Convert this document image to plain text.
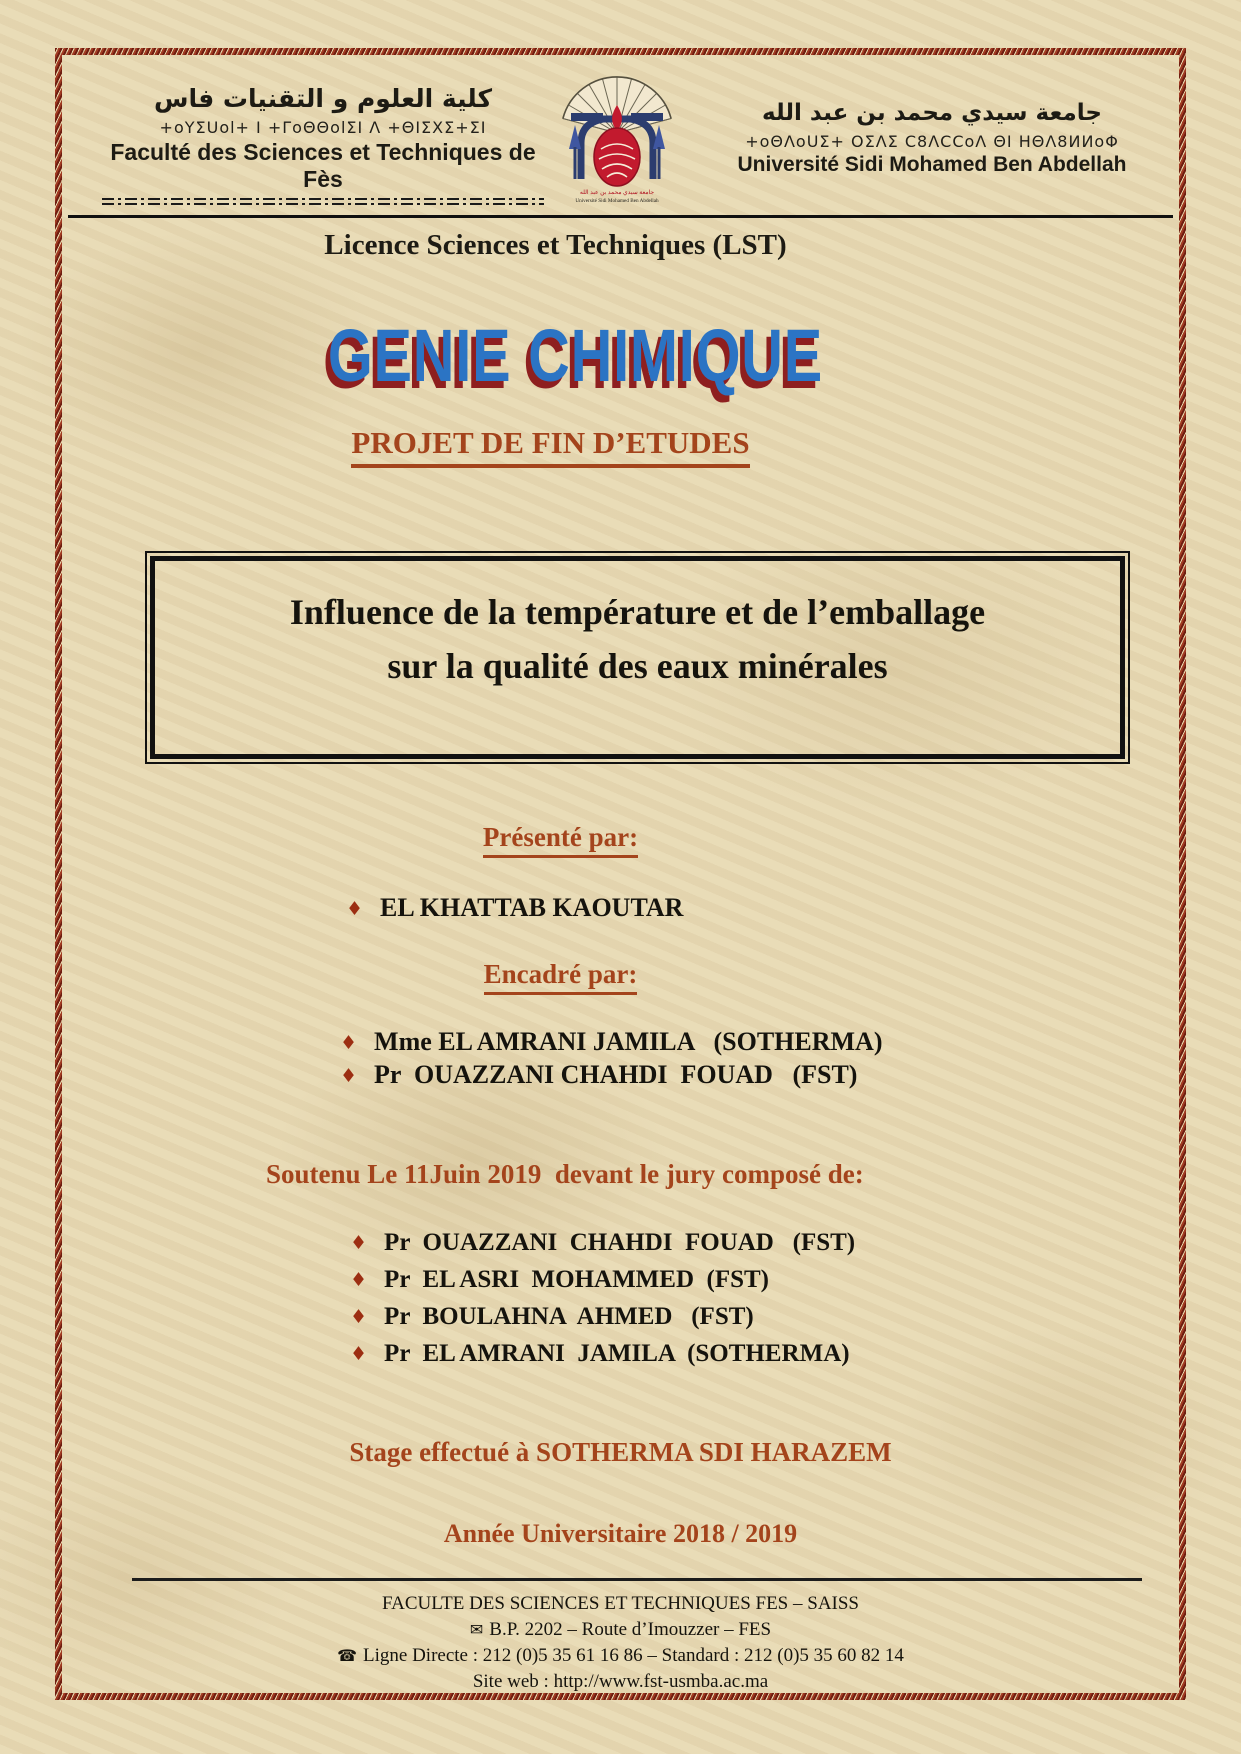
كلية العلوم و التقنيات فاس
+oYΣUol+ I +ΓoΘΘolΣI Λ +ΘIΣXΣ+ΣI
Faculté des Sciences et Techniques de Fès
جامعة سيدي محمد بن عبد الله
Université Sidi Mohamed Ben Abdellah
جامعة سيدي محمد بن عبد الله
+oΘΛoUΣ+ ΟΣΛΣ C8ΛCCoΛ ΘI ΗΘΛ8ИИoΦ
Université Sidi Mohamed Ben Abdellah
Licence Sciences et Techniques (LST)
GENIE CHIMIQUE
PROJET DE FIN D’ETUDES
Influence de la température et de l’emballage
sur la qualité des eaux minérales
Présenté par:
♦ EL KHATTAB KAOUTAR
Encadré par:
♦ Mme EL AMRANI JAMILA   (SOTHERMA)
♦ Pr  OUAZZANI CHAHDI  FOUAD   (FST)
Soutenu Le 11Juin 2019  devant le jury composé de:
♦ Pr  OUAZZANI  CHAHDI  FOUAD   (FST)
♦ Pr  EL ASRI  MOHAMMED  (FST)
♦ Pr  BOULAHNA  AHMED   (FST)
♦ Pr  EL AMRANI  JAMILA  (SOTHERMA)
Stage effectué à SOTHERMA SDI HARAZEM
Année Universitaire 2018 / 2019
FACULTE DES SCIENCES ET TECHNIQUES FES – SAISS
✉ B.P. 2202 – Route d’Imouzzer – FES
☎ Ligne Directe : 212 (0)5 35 61 16 86 – Standard : 212 (0)5 35 60 82 14
Site web : http://www.fst-usmba.ac.ma
